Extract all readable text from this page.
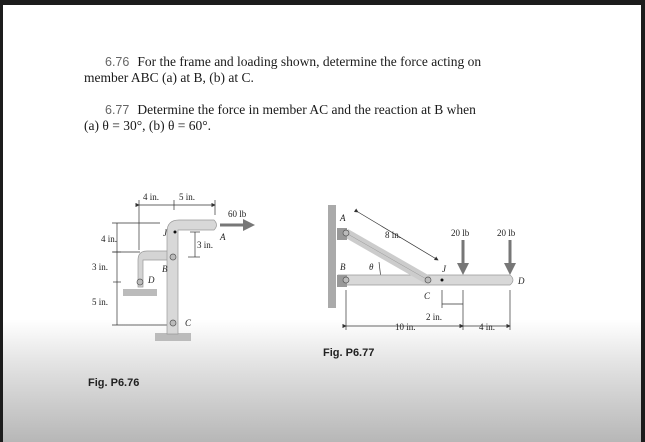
6.76 For the frame and loading shown, determine the force acting on
member ABC (a) at B, (b) at C.
6.77 Determine the force in member AC and the reaction at B when
(a) θ = 30°, (b) θ = 60°.
4 in. 5 in.
60 lb
4 in.
3 in.
5 in.
3 in.
A
B
C
D
J
Fig. P6.76
8 in.
10 in.
2 in.
4 in.
20 lb	20 lb
θ
A
B
C
D
J
Fig. P6.77
